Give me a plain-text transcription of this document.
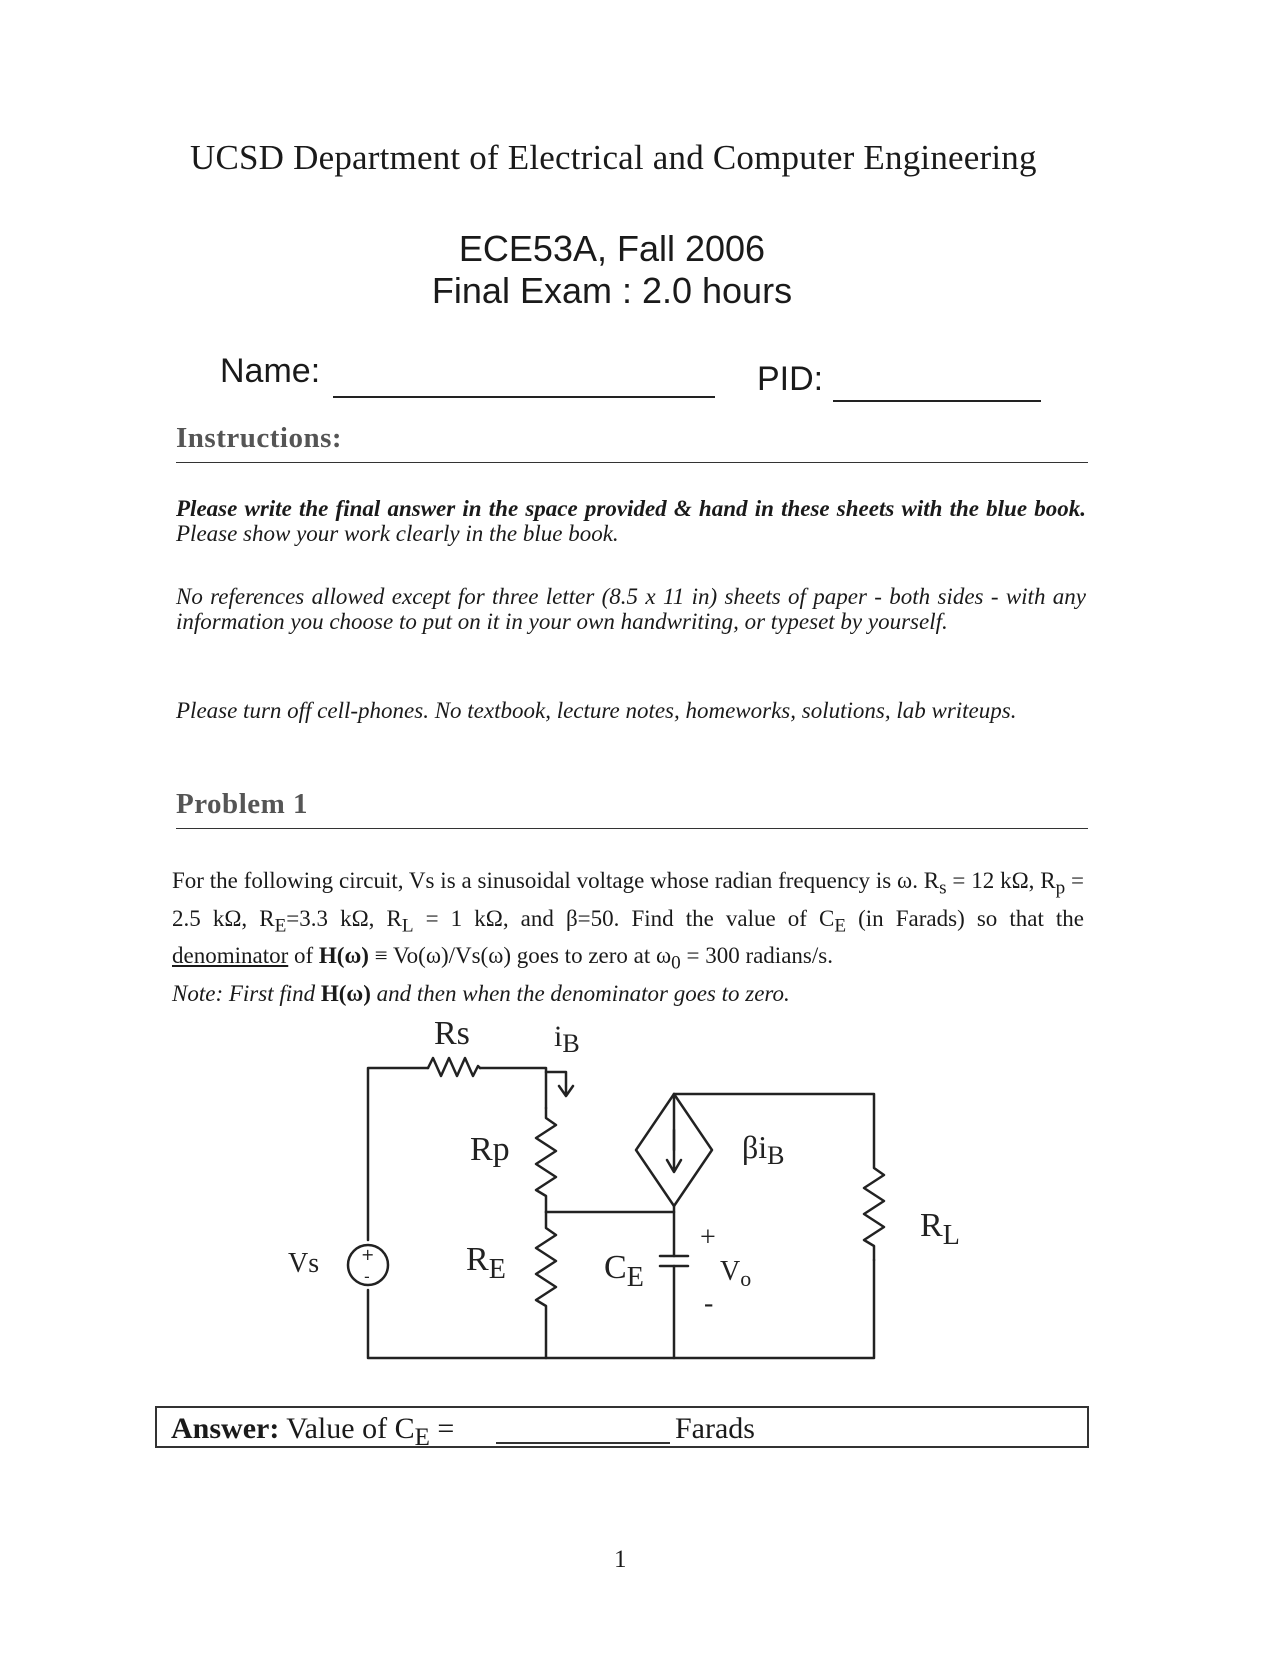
UCSD Department of Electrical and Computer Engineering
ECE53A, Fall 2006
Final Exam : 2.0 hours
Name:	PID:
Instructions:
Please write the final answer in the space provided & hand in these sheets with the blue book. Please show your work clearly in the blue book.
No references allowed except for three letter (8.5 x 11 in) sheets of paper - both sides - with any information you choose to put on it in your own handwriting, or typeset by yourself.
Please turn off cell-phones. No textbook, lecture notes, homeworks, solutions, lab writeups.
Problem 1
For the following circuit, Vs is a sinusoidal voltage whose radian frequency is ω. $R_s = 12$ kΩ, $R_p = 2.5$ kΩ, $R_E=3.3$ kΩ, $R_L = 1$ kΩ, and β=50. Find the value of $C_E$ (in Farads) so that the denominator of H(ω) ≡ Vo(ω)/Vs(ω) goes to zero at $\omega_0 = 300$ radians/s.
Note: First find H(ω) and then when the denominator goes to zero.
+
-
Rs	iB
Rp	βiB
$R_L$
Vs	$R_E$	$C_E$
+
$V_o$
-
Answer: Value of $C_E$ =	Farads
1
